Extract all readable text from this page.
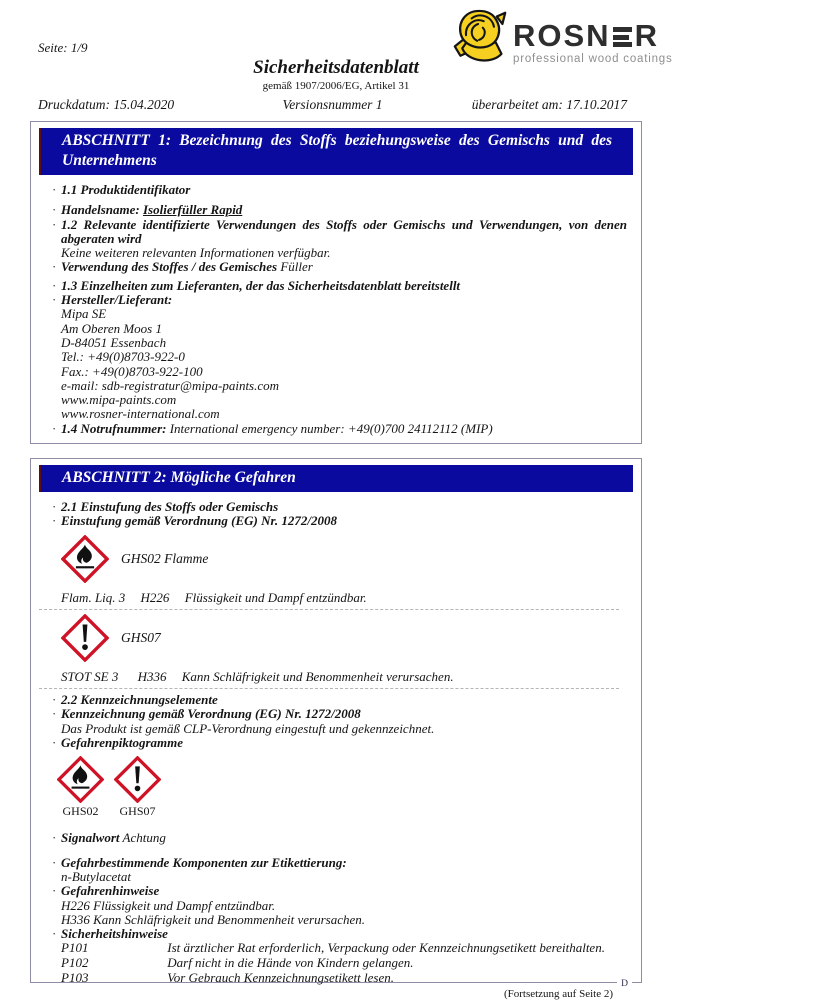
Seite: 1/9	ROSN R
professional wood coatings
Sicherheitsdatenblatt
gemäß 1907/2006/EG, Artikel 31
Druckdatum: 15.04.2020	Versionsnummer 1	überarbeitet am: 17.10.2017
ABSCHNITT 1: Bezeichnung des Stoffs beziehungsweise des Gemischs und des Unternehmens
· 1.1 Produktidentifikator
· Handelsname: Isolierfüller Rapid
· 1.2 Relevante identifizierte Verwendungen des Stoffs oder Gemischs und Verwendungen, von denen abgeraten wird
Keine weiteren relevanten Informationen verfügbar.
· Verwendung des Stoffes / des Gemisches Füller
· 1.3 Einzelheiten zum Lieferanten, der das Sicherheitsdatenblatt bereitstellt
· Hersteller/Lieferant:
Mipa SE
Am Oberen Moos 1
D-84051 Essenbach
Tel.: +49(0)8703-922-0
Fax.: +49(0)8703-922-100
e-mail: sdb-registratur@mipa-paints.com
www.mipa-paints.com
www.rosner-international.com
· 1.4 Notrufnummer: International emergency number: +49(0)700 24112112 (MIP)
ABSCHNITT 2: Mögliche Gefahren
· 2.1 Einstufung des Stoffs oder Gemischs
· Einstufung gemäß Verordnung (EG) Nr. 1272/2008
GHS02 Flamme
Flam. Liq. 3 H226 Flüssigkeit und Dampf entzündbar.
GHS07
STOT SE 3 H336 Kann Schläfrigkeit und Benommenheit verursachen.
· 2.2 Kennzeichnungselemente
· Kennzeichnung gemäß Verordnung (EG) Nr. 1272/2008
Das Produkt ist gemäß CLP-Verordnung eingestuft und gekennzeichnet.
· Gefahrenpiktogramme
GHS02 GHS07
· Signalwort Achtung
· Gefahrbestimmende Komponenten zur Etikettierung:
n-Butylacetat
· Gefahrenhinweise
H226 Flüssigkeit und Dampf entzündbar.
H336 Kann Schläfrigkeit und Benommenheit verursachen.
· Sicherheitshinweise
P101	Ist ärztlicher Rat erforderlich, Verpackung oder Kennzeichnungsetikett bereithalten.
P102	Darf nicht in die Hände von Kindern gelangen.
P103	Vor Gebrauch Kennzeichnungsetikett lesen.
(Fortsetzung auf Seite 2)
D
